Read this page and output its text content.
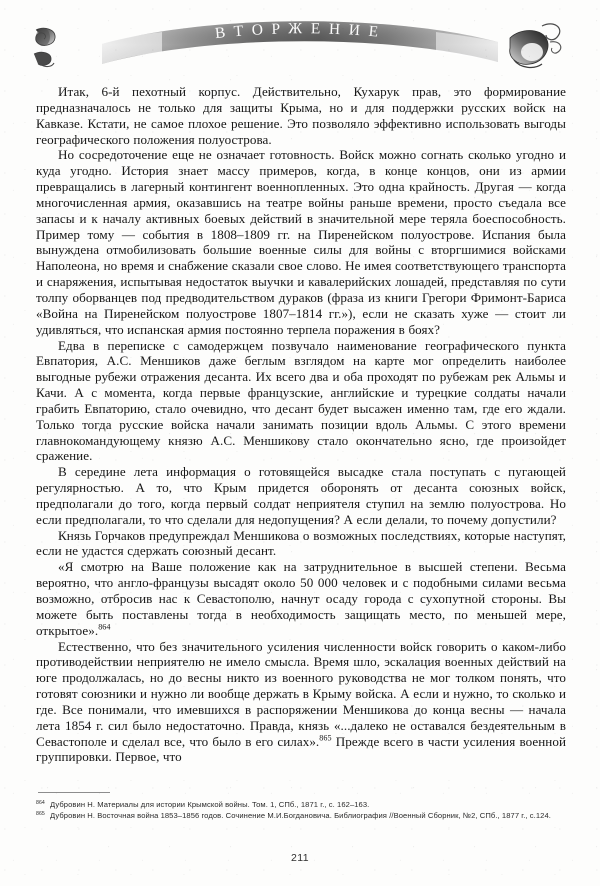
ВТОРЖЕНИЕ

Итак, 6-й пехотный корпус. Действительно, Кухарук прав, это формирование предназначалось не только для защиты Крыма, но и для поддержки русских войск на Кавказе. Кстати, не самое плохое решение. Это позволяло эффективно использовать выгоды географического положения полуострова.

Но сосредоточение еще не означает готовность. Войск можно согнать сколько угодно и куда угодно. История знает массу примеров, когда, в конце концов, они из армии превращались в лагерный контингент военнопленных. Это одна крайность. Другая — когда многочисленная армия, оказавшись на театре войны раньше времени, просто съедала все запасы и к началу активных боевых действий в значительной мере теряла боеспособность. Пример тому — события в 1808–1809 гг. на Пиренейском полуострове. Испания была вынуждена отмобилизовать большие военные силы для войны с вторгшимися войсками Наполеона, но время и снабжение сказали свое слово. Не имея соответствующего транспорта и снаряжения, испытывая недостаток выучки и кавалерийских лошадей, представляя по сути толпу оборванцев под предводительством дураков (фраза из книги Грегори Фримонт-Бариса «Война на Пиренейском полуострове 1807–1814 гг.»), если не сказать хуже — стоит ли удивляться, что испанская армия постоянно терпела поражения в боях?

Едва в переписке с самодержцем позвучало наименование географического пункта Евпатория, А.С. Меншиков даже беглым взглядом на карте мог определить наиболее выгодные рубежи отражения десанта. Их всего два и оба проходят по рубежам рек Альмы и Качи. А с момента, когда первые французские, английские и турецкие солдаты начали грабить Евпаторию, стало очевидно, что десант будет высажен именно там, где его ждали. Только тогда русские войска начали занимать позиции вдоль Альмы. С этого времени главнокомандующему князю А.С. Меншикову стало окончательно ясно, где произойдет сражение.

В середине лета информация о готовящейся высадке стала поступать с пугающей регулярностью. А то, что Крым придется оборонять от десанта союзных войск, предполагали до того, когда первый солдат неприятеля ступил на землю полуострова. Но если предполагали, то что сделали для недопущения? А если делали, то почему допустили?

Князь Горчаков предупреждал Меншикова о возможных последствиях, которые наступят, если не удастся сдержать союзный десант.

«Я смотрю на Ваше положение как на затруднительное в высшей степени. Весьма вероятно, что англо-французы высадят около 50 000 человек и с подобными силами весьма возможно, отбросив нас к Севастополю, начнут осаду города с сухопутной стороны. Вы можете быть поставлены тогда в необходимость защищать место, по меньшей мере, открытое».$^{864}$

Естественно, что без значительного усиления численности войск говорить о каком-либо противодействии неприятелю не имело смысла. Время шло, эскалация военных действий на юге продолжалась, но до весны никто из военного руководства не мог толком понять, что готовят союзники и нужно ли вообще держать в Крыму войска. А если и нужно, то сколько и где. Все понимали, что имевшихся в распоряжении Меншикова до конца весны — начала лета 1854 г. сил было недостаточно. Правда, князь «...далеко не оставался бездеятельным в Севастополе и сделал все, что было в его силах».$^{865}$ Прежде всего в части усиления военной группировки. Первое, что

864 Дубровин Н. Материалы для истории Крымской войны. Том. 1, СПб., 1871 г., с. 162–163.
865 Дубровин Н. Восточная война 1853–1856 годов. Сочинение М.И.Богдановича. Библиография //Военный Сборник, №2, СПб., 1877 г., с.124.
211
